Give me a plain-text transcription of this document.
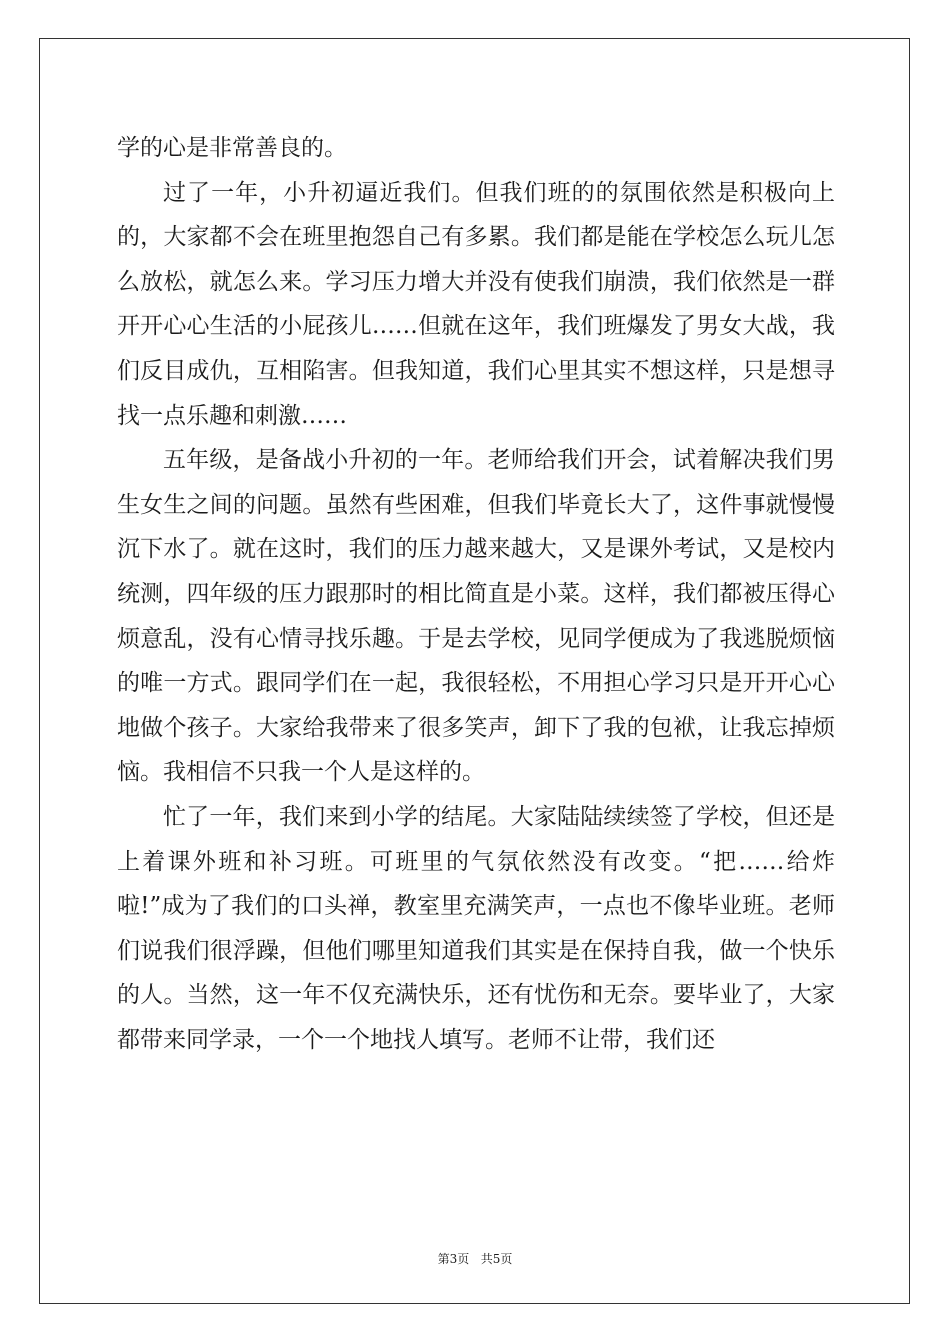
学的心是非常善良的。

过了一年，小升初逼近我们。但我们班的的氛围依然是积极向上的，大家都不会在班里抱怨自己有多累。我们都是能在学校怎么玩儿怎么放松，就怎么来。学习压力增大并没有使我们崩溃，我们依然是一群开开心心生活的小屁孩儿……但就在这年，我们班爆发了男女大战，我们反目成仇，互相陷害。但我知道，我们心里其实不想这样，只是想寻找一点乐趣和刺激……

五年级，是备战小升初的一年。老师给我们开会，试着解决我们男生女生之间的问题。虽然有些困难，但我们毕竟长大了，这件事就慢慢沉下水了。就在这时，我们的压力越来越大，又是课外考试，又是校内统测，四年级的压力跟那时的相比简直是小菜。这样，我们都被压得心烦意乱，没有心情寻找乐趣。于是去学校，见同学便成为了我逃脱烦恼的唯一方式。跟同学们在一起，我很轻松，不用担心学习只是开开心心地做个孩子。大家给我带来了很多笑声，卸下了我的包袱，让我忘掉烦恼。我相信不只我一个人是这样的。

忙了一年，我们来到小学的结尾。大家陆陆续续签了学校，但还是上着课外班和补习班。可班里的气氛依然没有改变。“把……给炸啦!”成为了我们的口头禅，教室里充满笑声，一点也不像毕业班。老师们说我们很浮躁，但他们哪里知道我们其实是在保持自我，做一个快乐的人。当然，这一年不仅充满快乐，还有忧伤和无奈。要毕业了，大家都带来同学录，一个一个地找人填写。老师不让带，我们还

第3页   共5页
